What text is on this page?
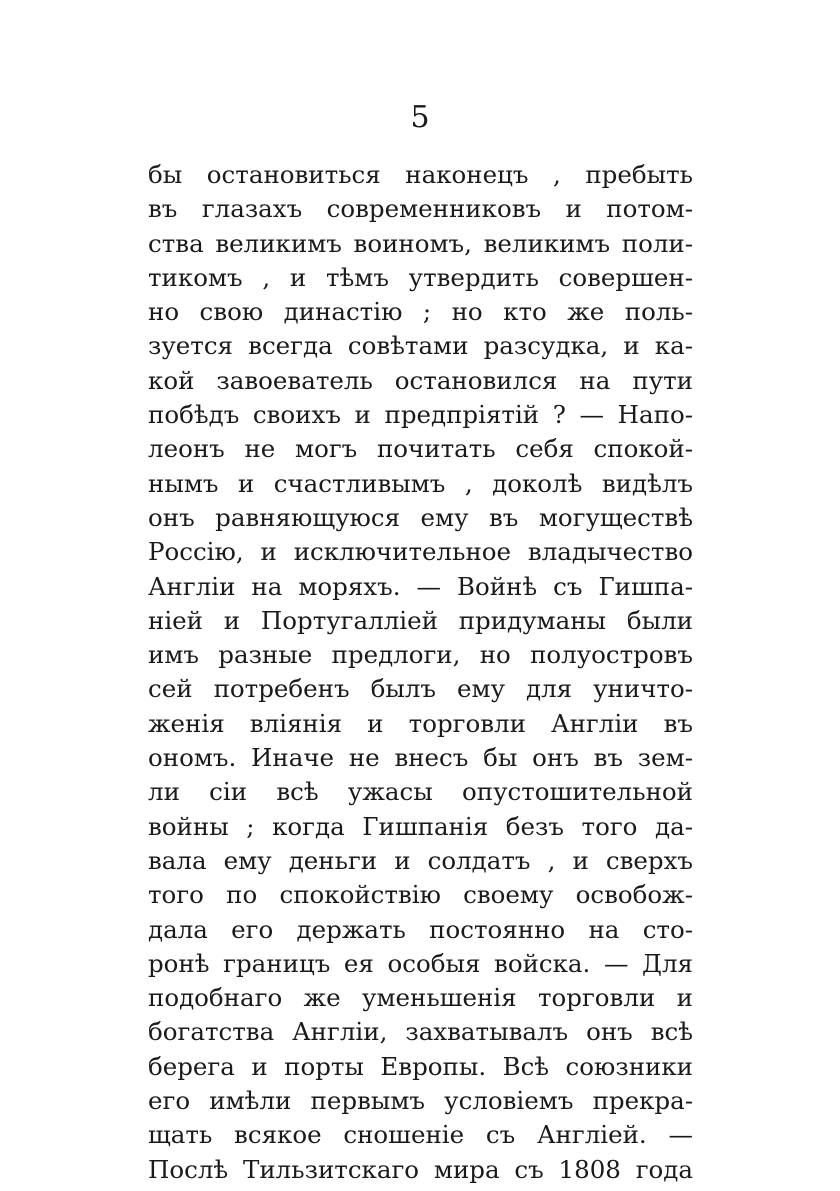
5
бы остановиться наконецъ , пребыть
въ глазахъ современниковъ и потом-
ства великимъ воиномъ, великимъ поли-
тикомъ , и тѣмъ утвердить совершен-
но свою династію ; но кто же поль-
зуется всегда совѣтами разсудка, и ка-
кой завоеватель остановился на пути
побѣдъ своихъ и предпріятій ? — Напо-
леонъ не могъ почитать себя спокой-
нымъ и счастливымъ , доколѣ видѣлъ
онъ равняющуюся ему въ могуществѣ
Россію, и исключительное владычество
Англіи на моряхъ. — Войнѣ съ Гишпа-
ніей и Португаллiей придуманы были
имъ разные предлоги, но полуостровъ
сей потребенъ былъ ему для уничто-
женія вліянія и торговли Англіи въ
ономъ. Иначе не внесъ бы онъ въ зем-
ли сіи всѣ ужасы опустошительной
войны ; когда Гишпанія безъ того да-
вала ему деньги и солдатъ , и сверхъ
того по спокойствію своему освобож-
дала его держать постоянно на сто-
ронѣ границъ ея особыя войска. — Для
подобнаго же уменьшенія торговли и
богатства Англіи, захватывалъ онъ всѣ
берега и порты Европы. Всѣ союзники
его имѣли первымъ условіемъ прекра-
щать всякое сношеніе съ Англіей. —
Послѣ Тильзитскаго мира съ 1808 года
